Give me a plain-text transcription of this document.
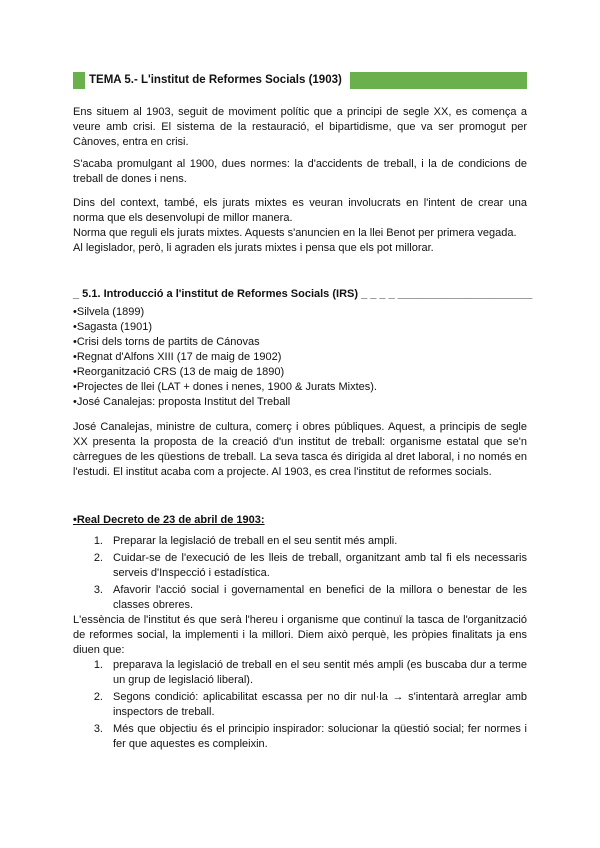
TEMA 5.- L'institut de Reformes Socials (1903)

Ens situem al 1903, seguit de moviment polític que a principi de segle XX, es comença a veure amb crisi. El sistema de la restauració, el bipartidisme, que va ser promogut per Cànoves, entra en crisi.

S'acaba promulgant al 1900, dues normes: la d'accidents de treball, i la de condicions de treball de dones i nens.

Dins del context, també, els jurats mixtes es veuran involucrats en l'intent de crear una norma que els desenvolupi de millor manera.

Norma que reguli els jurats mixtes. Aquests s'anuncien en la llei Benot per primera vegada.

Al legislador, però, li agraden els jurats mixtes i pensa que els pot millorar.

_ 5.1. Introducció a l'institut de Reformes Socials (IRS) _ _ _ _ ______________________
•Silvela (1899)
•Sagasta (1901)
•Crisi dels torns de partits de Cánovas
•Regnat d'Alfons XIII (17 de maig de 1902)
•Reorganització CRS (13 de maig de 1890)
•Projectes de llei (LAT + dones i nenes, 1900 & Jurats Mixtes).
•José Canalejas: proposta Institut del Treball

José Canalejas, ministre de cultura, comerç i obres públiques. Aquest, a principis de segle XX presenta la proposta de la creació d'un institut de treball: organisme estatal que se'n càrregues de les qüestions de treball. La seva tasca és dirigida al dret laboral, i no només en l'estudi. El institut acaba com a projecte. Al 1903, es crea l'institut de reformes socials.

•Real Decreto de 23 de abril de 1903:
1. Preparar la legislació de treball en el seu sentit més ampli.
2. Cuidar-se de l'execució de les lleis de treball, organitzant amb tal fi els necessaris serveis d'Inspecció i estadística.
3. Afavorir l'acció social i governamental en benefici de la millora o benestar de les classes obreres.

L'essència de l'institut és que serà l'hereu i organisme que continuï la tasca de l'organització de reformes social, la implementi i la millori. Diem això perquè, les pròpies finalitats ja ens diuen que:

1. preparava la legislació de treball en el seu sentit més ampli (es buscaba dur a terme un grup de legislació liberal).
2. Segons condició: aplicabilitat escassa per no dir nul·la → s'intentarà arreglar amb inspectors de treball.
3. Més que objectiu és el principio inspirador: solucionar la qüestió social; fer normes i fer que aquestes es compleixin.
